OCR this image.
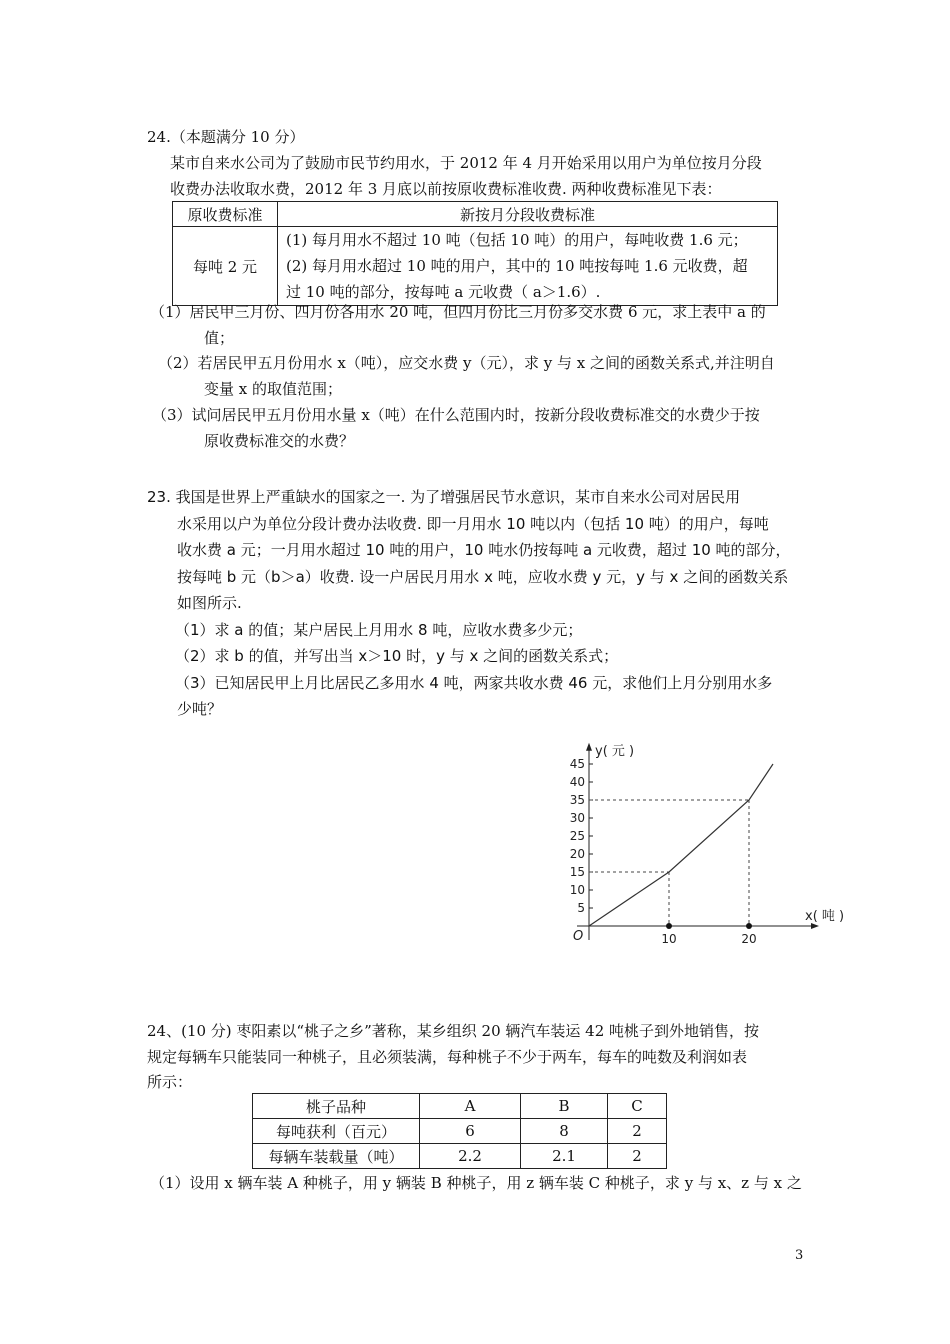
24.（本题满分 10 分）
某市自来水公司为了鼓励市民节约用水，于 2012 年 4 月开始采用以用户为单位按月分段
收费办法收取水费，2012 年 3 月底以前按原收费标准收费. 两种收费标准见下表：
原收费标准	新按月分段收费标准
每吨 2 元	(1) 每月用水不超过 10 吨（包括 10 吨）的用户，每吨收费 1.6 元；
(2) 每月用水超过 10 吨的用户，其中的 10 吨按每吨 1.6 元收费，超
过 10 吨的部分，按每吨 a 元收费（ a＞1.6）.
（1）居民甲三月份、四月份各用水 20 吨，但四月份比三月份多交水费 6 元，求上表中 a 的
值；
（2）若居民甲五月份用水 x（吨），应交水费 y（元），求 y 与 x 之间的函数关系式,并注明自
变量 x 的取值范围；
（3）试问居民甲五月份用水量 x（吨）在什么范围内时，按新分段收费标准交的水费少于按
原收费标准交的水费？
23. 我国是世界上严重缺水的国家之一. 为了增强居民节水意识，某市自来水公司对居民用
水采用以户为单位分段计费办法收费. 即一月用水 10 吨以内（包括 10 吨）的用户，每吨
收水费 a 元；一月用水超过 10 吨的用户，10 吨水仍按每吨 a 元收费，超过 10 吨的部分，
按每吨 b 元（b＞a）收费. 设一户居民月用水 x 吨，应收水费 y 元，y 与 x 之间的函数关系
如图所示.
（1）求 a 的值；某户居民上月用水 8 吨，应收水费多少元；
（2）求 b 的值，并写出当 x＞10 时，y 与 x 之间的函数关系式；
（3）已知居民甲上月比居民乙多用水 4 吨，两家共收水费 46 元，求他们上月分别用水多
少吨？
5
10
15
20
25
30
35
40
45
10	20
y( 元 )
x( 吨 )
O
24、(10 分) 枣阳素以“桃子之乡”著称，某乡组织 20 辆汽车装运 42 吨桃子到外地销售，按
规定每辆车只能装同一种桃子，且必须装满，每种桃子不少于两车，每车的吨数及利润如表
所示：
桃子品种	A	B	C
每吨获利（百元）	6	8	2
每辆车装载量（吨）	2.2	2.1	2
（1）设用 x 辆车装 A 种桃子，用 y 辆装 B 种桃子，用 z 辆车装 C 种桃子，求 y 与 x、z 与 x 之
3
